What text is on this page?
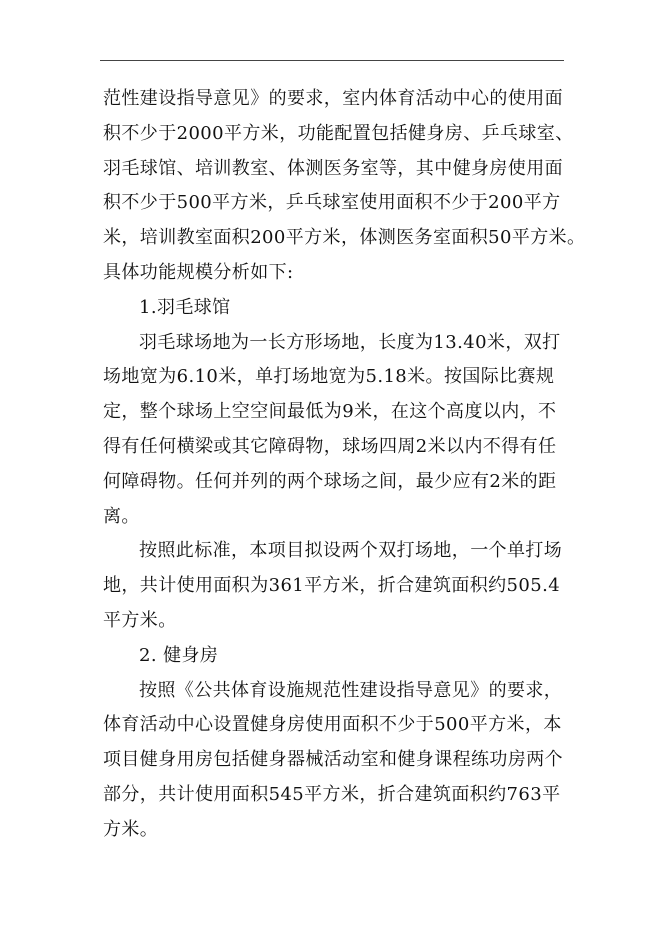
范性建设指导意见》的要求，室内体育活动中心的使用面
积不少于2000平方米，功能配置包括健身房、乒乓球室、
羽毛球馆、培训教室、体测医务室等，其中健身房使用面
积不少于500平方米，乒乓球室使用面积不少于200平方
米，培训教室面积200平方米，体测医务室面积50平方米。
具体功能规模分析如下:
1.羽毛球馆
羽毛球场地为一长方形场地，长度为13.40米，双打
场地宽为6.10米，单打场地宽为5.18米。按国际比赛规
定，整个球场上空空间最低为9米，在这个高度以内，不
得有任何横梁或其它障碍物，球场四周2米以内不得有任
何障碍物。任何并列的两个球场之间，最少应有2米的距
离。
按照此标准，本项目拟设两个双打场地，一个单打场
地，共计使用面积为361平方米，折合建筑面积约505.4
平方米。
2. 健身房
按照《公共体育设施规范性建设指导意见》的要求，
体育活动中心设置健身房使用面积不少于500平方米，本
项目健身用房包括健身器械活动室和健身课程练功房两个
部分，共计使用面积545平方米，折合建筑面积约763平
方米。
